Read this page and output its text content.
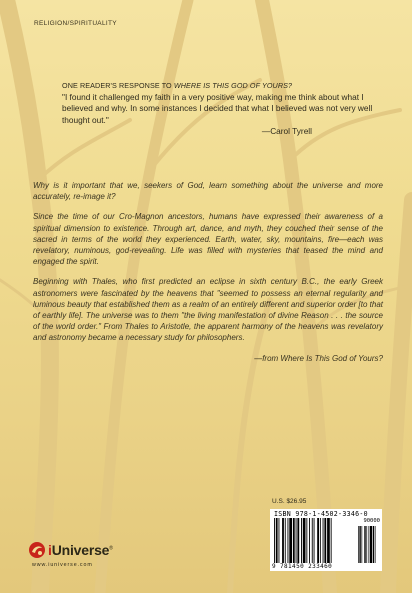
RELIGION/SPIRITUALITY
ONE READER'S RESPONSE TO WHERE IS THIS GOD OF YOURS?
"I found it challenged my faith in a very positive way, making me think about what I believed and why. In some instances I decided that what I believed was not very well thought out."
—Carol Tyrell

Why is it important that we, seekers of God, learn something about the universe and more accurately, re-image it?

Since the time of our Cro-Magnon ancestors, humans have expressed their awareness of a spiritual dimension to existence. Through art, dance, and myth, they couched their sense of the sacred in terms of the world they experienced. Earth, water, sky, mountains, fire—each was revelatory, numinous, god-revealing. Life was filled with mysteries that teased the mind and engaged the spirit.

Beginning with Thales, who first predicted an eclipse in sixth century B.C., the early Greek astronomers were fascinated by the heavens that "seemed to possess an eternal regularity and luminous beauty that established them as a realm of an entirely different and superior order [to that of earthly life]. The universe was to them "the living manifestation of divine Reason . . . the source of the world order." From Thales to Aristotle, the apparent harmony of the heavens was revelatory and astronomy became a necessary study for philosophers.

—from Where Is This God of Yours?
U.S. $26.95
ISBN 978-1-4502-3346-0
90000
9 781450 233460
iUniverse®
www.iuniverse.com
